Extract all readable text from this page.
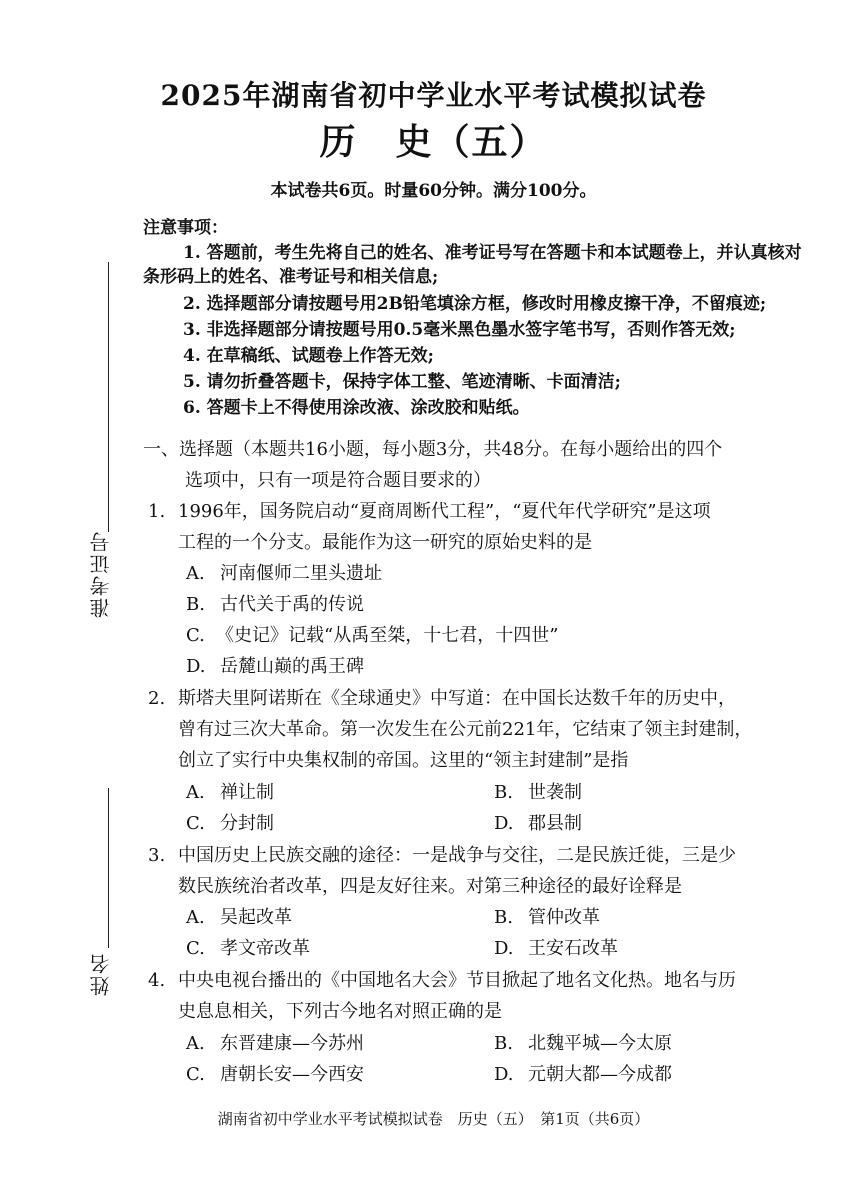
2025年湖南省初中学业水平考试模拟试卷
历　史（五）
本试卷共6页。时量60分钟。满分100分。
注意事项：
1. 答题前，考生先将自己的姓名、准考证号写在答题卡和本试题卷上，并认真核对条形码上的姓名、准考证号和相关信息;
2. 选择题部分请按题号用2B铅笔填涂方框，修改时用橡皮擦干净，不留痕迹;
3. 非选择题部分请按题号用0.5毫米黑色墨水签字笔书写，否则作答无效;
4. 在草稿纸、试题卷上作答无效;
5. 请勿折叠答题卡，保持字体工整、笔迹清晰、卡面清洁;
6. 答题卡上不得使用涂改液、涂改胶和贴纸。
一、选择题（本题共16小题，每小题3分，共48分。在每小题给出的四个
选项中，只有一项是符合题目要求的）
1. 1996年，国务院启动“夏商周断代工程”，“夏代年代学研究”是这项
工程的一个分支。最能作为这一研究的原始史料的是
A. 河南偃师二里头遗址
B. 古代关于禹的传说
C. 《史记》记载“从禹至桀，十七君，十四世”
D. 岳麓山巅的禹王碑
2. 斯塔夫里阿诺斯在《全球通史》中写道：在中国长达数千年的历史中，
曾有过三次大革命。第一次发生在公元前221年，它结束了领主封建制，
创立了实行中央集权制的帝国。这里的“领主封建制”是指
A. 禅让制	B. 世袭制
C. 分封制	D. 郡县制
3. 中国历史上民族交融的途径：一是战争与交往，二是民族迁徙，三是少
数民族统治者改革，四是友好往来。对第三种途径的最好诠释是
A. 吴起改革	B. 管仲改革
C. 孝文帝改革	D. 王安石改革
4. 中央电视台播出的《中国地名大会》节目掀起了地名文化热。地名与历
史息息相关，下列古今地名对照正确的是
A. 东晋建康—今苏州	B. 北魏平城—今太原
C. 唐朝长安—今西安	D. 元朝大都—今成都
准考证号
姓名
湖南省初中学业水平考试模拟试卷　历史（五）　第1页（共6页）
